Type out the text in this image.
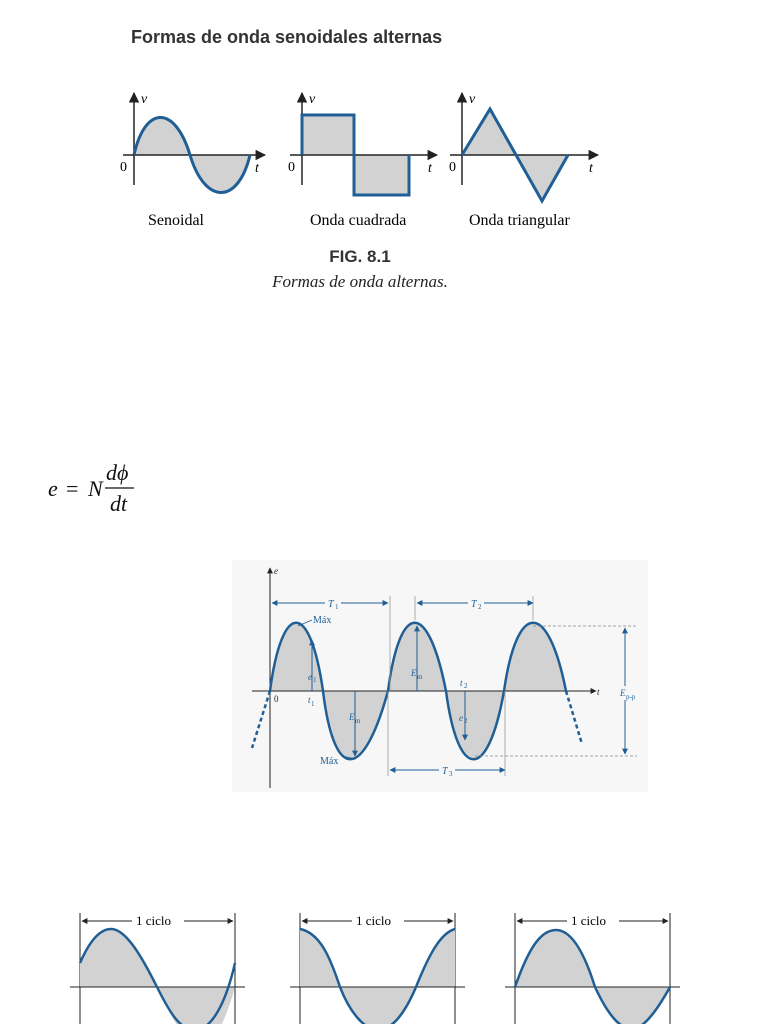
Formas de onda senoidales alternas
v
t
0
v
t
0
v
t
0
Senoidal	Onda cuadrada	Onda triangular
FIG. 8.1
Formas de onda alternas.
e = N
dϕ
dt
T 1	T 2
T 3
Máx
Máx
e 1
t 1
0
E m
E m
e 2
t 2
E p-p
e
t
1 ciclo	1 ciclo	1 ciclo
